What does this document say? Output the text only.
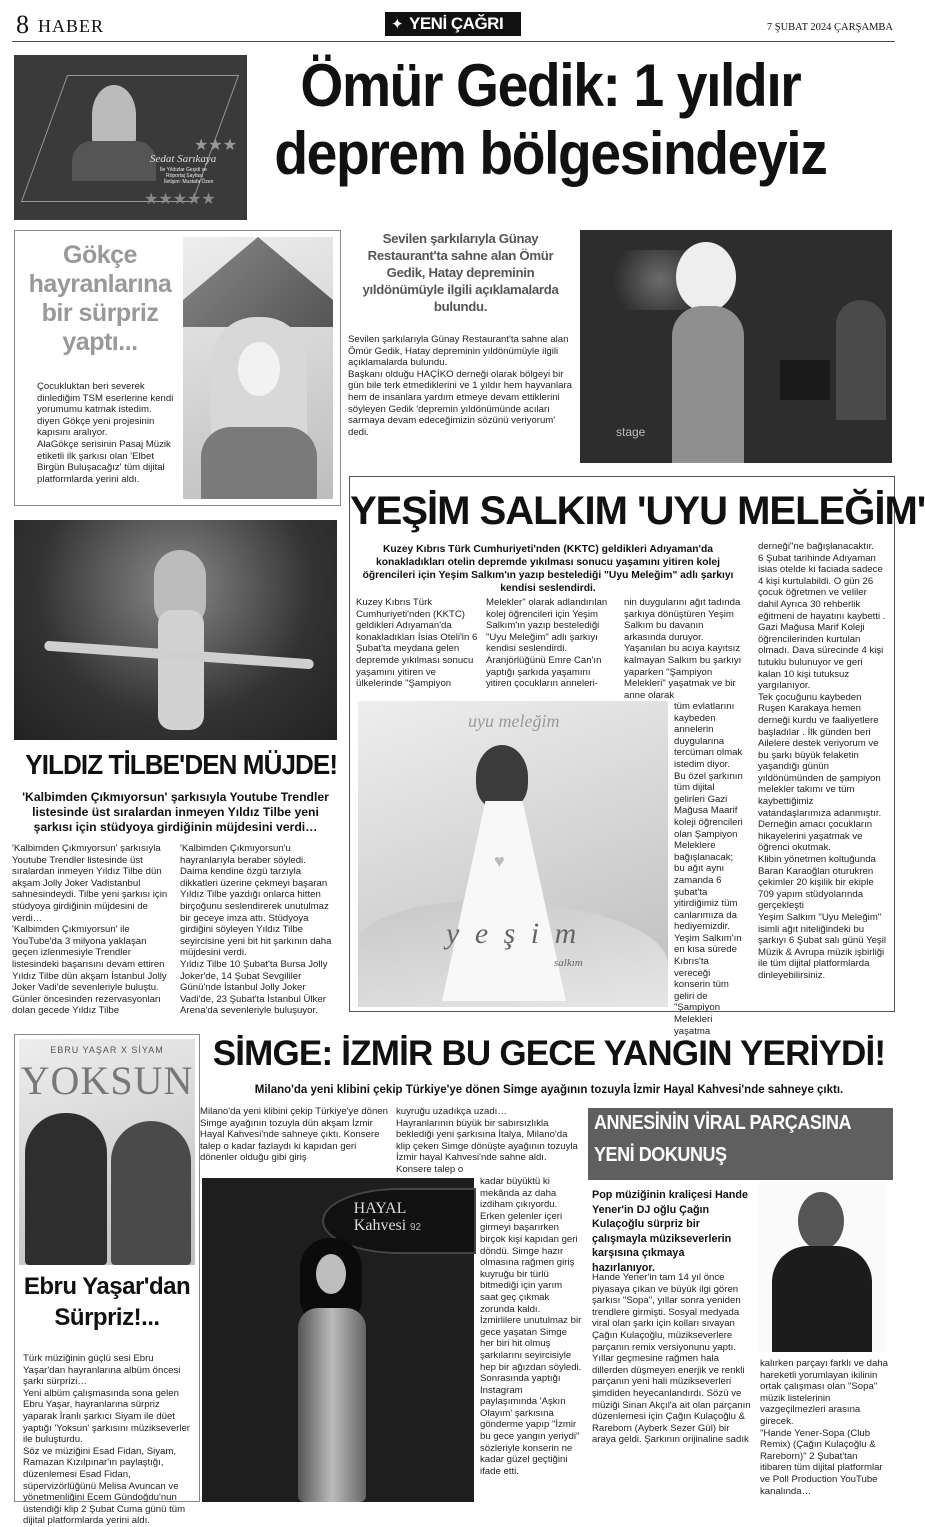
8 HABER	✦ YENİ ÇAĞRI	7 ŞUBAT 2024 ÇARŞAMBA
Sedat Sarıkaya
İle Yıldızlar Geçidi ve
Röportaj Sayfası
İletişim: Mustafa Özen
★★★
★★★★★
Ömür Gedik: 1 yıldır
deprem bölgesindeyiz
Gökçe hayranlarına bir sürpriz yaptı...
Çocukluktan beri severek dinlediğim TSM eserlerine kendi yorumumu katmak istedim. diyen Gökçe yeni projesinin kapısını aralıyor.
AlaGökçe serisinin Pasaj Müzik etiketli ilk şarkısı olan 'Elbet Birgün Buluşacağız' tüm dijital platformlarda yerini aldı.
Sevilen şarkılarıyla Günay Restaurant'ta sahne alan Ömür Gedik, Hatay depreminin yıldönümüyle ilgili açıklamalarda bulundu.
Sevilen şarkılarıyla Günay Restaurant'ta sahne alan Ömür Gedik, Hatay depreminin yıldönümüyle ilgili açıklamalarda bulundu.
Başkanı olduğu HAÇİKO derneği olarak bölgeyi bir gün bile terk etmediklerini ve 1 yıldır hem hayvanlara hem de insanlara yardım etmeye devam ettiklerini söyleyen Gedik 'depremin yıldönümünde acıları sarmaya devam edeceğimizin sözünü veriyorum' dedi.	stage
YILDIZ TİLBE'DEN MÜJDE!
'Kalbimden Çıkmıyorsun' şarkısıyla Youtube Trendler listesinde üst sıralardan inmeyen Yıldız Tilbe yeni şarkısı için stüdyoya girdiğinin müjdesini verdi…
'Kalbimden Çıkmıyorsun' şarkısıyla Youtube Trendler listesinde üst sıralardan inmeyen Yıldız Tilbe dün akşam Jolly Joker Vadistanbul sahnesindeydi. Tilbe yeni şarkısı için stüdyoya girdiğinin müjdesini de verdi…
'Kalbimden Çıkmıyorsun' ile YouTube'da 3 milyona yaklaşan geçen izlenmesiyle Trendler listesindeki başarısını devam ettiren Yıldız Tilbe dün akşam İstanbul Jolly Joker Vadi'de sevenleriyle buluştu. Günler öncesinden rezervasyonları dolan gecede Yıldız Tilbe
'Kalbimden Çıkmıyorsun'u hayranlarıyla beraber söyledi.
Daima kendine özgü tarzıyla dikkatleri üzerine çekmeyi başaran Yıldız Tilbe yazdığı onlarca hitten birçoğunu seslendirerek unutulmaz bir geceye imza attı. Stüdyoya girdiğini söyleyen Yıldız Tilbe seyircisine yeni bit hit şarkının daha müjdesini verdi.
Yıldız Tilbe 10 Şubat'ta Bursa Jolly Joker'de, 14 Şubat Sevgililer Günü'nde İstanbul Jolly Joker Vadi'de, 23 Şubat'ta İstanbul Ülker Arena'da sevenleriyle buluşuyor.
YEŞİM SALKIM 'UYU MELEĞİM'
Kuzey Kıbrıs Türk Cumhuriyeti'nden (KKTC) geldikleri Adıyaman'da konakladıkları otelin depremde yıkılması sonucu yaşamını yitiren kolej öğrencileri için Yeşim Salkım'ın yazıp bestelediği "Uyu Meleğim" adlı şarkıyı kendisi seslendirdi.
Kuzey Kıbrıs Türk Cumhuriyeti'nden (KKTC) geldikleri Adıyaman'da konakladıkları İsias Oteli'in 6 Şubat'ta meydana gelen depremde yıkılması sonucu yaşamını yitiren ve ülkelerinde "Şampiyon
Melekler" olarak adlandırılan kolej öğrencileri için Yeşim Salkım'ın yazıp bestelediği "Uyu Meleğim" adlı şarkıyı kendisi seslendirdi.
Aranjörlüğünü Emre Can'ın yaptığı şarkıda yaşamını yitiren çocukların anneleri-
nin duygularını ağıt tadında şarkıya dönüştüren Yeşim Salkım bu davanın arkasında duruyor.
Yaşanılan bu acıya kayıtsız kalmayan Salkım bu şarkıyı yaparken "Şampiyon Melekleri" yaşatmak ve bir anne olarak
tüm evlatlarını kaybeden annelerin duygularına tercüman olmak istedim diyor.
Bu özel şarkının tüm dijital gelirleri Gazi Mağusa Maarif koleji öğrencileri olan Şampiyon Meleklere bağışlanacak; bu ağıt aynı zamanda 6 şubat'ta yitirdiğimiz tüm canlarımıza da hediyemizdir. Yeşim Salkım'ın en kısa sürede Kıbrıs'ta vereceği konserin tüm geliri de "Şampiyon Melekleri yaşatma
derneği"ne bağışlanacaktır.
6 Şubat tarihinde Adıyaman isias otelde ki faciada sadece 4 kişi kurtulabildi. O gün 26 çocuk öğretmen ve veliler dahil Ayrıca 30 rehberlik eğitmeni de hayatını kaybetti . Gazi Mağusa Marif Koleji öğrencilerinden kurtulan olmadı. Dava sürecinde 4 kişi tutuklu bulunuyor ve geri kalan 10 kişi tutuksuz yargılanıyor.
Tek çocuğunu kaybeden Ruşen Karakaya hemen derneği kurdu ve faaliyetlere başladılar . İlk günden beri Ailelere destek veriyorum ve bu şarkı büyük felaketin yaşandığı günün yıldönümünden de şampiyon melekler takımı ve tüm kaybettiğimiz vatandaşlarımıza adanmıştır. Derneğin amacı çocukların hikayelerini yaşatmak ve öğrenci okutmak.
Klibin yönetmen koltuğunda Baran Karaoğlan oturukren çekimler 20 kişilik bir ekiple 709 yapım stüdyolarında gerçekleşti
Yeşim Salkım "Uyu Meleğim" isimli ağıt niteliğindeki bu şarkıyı 6 Şubat salı günü Yeşil Müzik & Avrupa müzik işbirliği ile tüm dijital platformlarda dinleyebilirsiniz.
uyu meleğim
♥
y e ş i m
salkım
EBRU YAŞAR X SİYAM
YOKSUN
Ebru Yaşar'dan Sürpriz!...
Türk müziğinin güçlü sesi Ebru Yaşar'dan hayranlarına albüm öncesi şarkı sürprizi…
Yeni albüm çalışmasında sona gelen Ebru Yaşar, hayranlarına sürpriz yaparak İranlı şarkıcı Siyam ile düet yaptığı 'Yoksun' şarkısını müzikseverler ile buluşturdu.
Söz ve müziğini Esad Fidan, Siyam, Ramazan Kızılpınar'ın paylaştığı, düzenlemesi Esad Fidan, süpervizörlüğünü Melisa Avuncan ve yönetmenliğini Ecem Gündoğdu'nun üstendiği klip 2 Şubat Cuma günü tüm dijital platformlarda yerini aldı.
SİMGE: İZMİR BU GECE YANGIN YERİYDİ!
Milano'da yeni klibini çekip Türkiye'ye dönen Simge ayağının tozuyla İzmir Hayal Kahvesi'nde sahneye çıktı.
Milano'da yeni klibini çekip Türkiye'ye dönen Simge ayağının tozuyla dün akşam İzmir Hayal Kahvesi'nde sahneye çıktı. Konsere talep o kadar fazlaydı ki kapıdan geri dönenler olduğu gibi giriş
kuyruğu uzadıkça uzadı…
Hayranlarının büyük bir sabırsızlıkla beklediği yeni şarkısına İtalya, Milano'da klip çeken Simge dönüşte ayağının tozuyla İzmir hayal Kahvesi'nde sahne aldı. Konsere talep o
kadar büyüktü ki mekânda az daha izdiham çıkıyordu. Erken gelenler içeri girmeyi başarırken birçok kişi kapıdan geri döndü. Simge hazır olmasına rağmen giriş kuyruğu bir türlü bitmediği için yarım saat geç çıkmak zorunda kaldı.
İzmirlilere unutulmaz bir gece yaşatan Simge her biri hit olmuş şarkılarını seyircisiyle hep bir ağızdan söyledi. Sonrasında yaptığı Instagram paylaşımında 'Aşkın Olayım' şarkısına gönderme yapıp "İzmir bu gece yangın yeriydi" sözleriyle konserin ne kadar güzel geçtiğini ifade etti.
HAYAL Kahvesi 92
ANNESİNİN VİRAL PARÇASINA
YENİ DOKUNUŞ
Pop müziğinin kraliçesi Hande Yener'in DJ oğlu Çağın Kulaçoğlu sürpriz bir çalışmayla müzikseverlerin karşısına çıkmaya hazırlanıyor.
Hande Yener'in tam 14 yıl önce piyasaya çıkan ve büyük ilgi gören şarkısı "Sopa", yıllar sonra yeniden trendlere girmişti. Sosyal medyada viral olan şarkı için kolları sıvayan Çağın Kulaçoğlu, müzikseverlere parçanın remix versiyonunu yaptı. Yıllar geçmesine rağmen hala dillerden düşmeyen enerjik ve renkli parçanın yeni hali müzikseverleri şimdiden heyecanlandırdı. Sözü ve müziği Sinan Akçıl'a ait olan parçanın düzenlemesi için Çağın Kulaçoğlu & Rareborn (Ayberk Sezer Gül) bir araya geldi. Şarkının orijinaline sadık
kalırken parçayı farklı ve daha hareketli yorumlayan ikilinin ortak çalışması olan "Sopa" müzik listelerinin vazgeçilmezleri arasına girecek.
"Hande Yener-Sopa (Club Remix) (Çağın Kulaçoğlu & Rareborn)" 2 Şubat'tan itibaren tüm dijital platformlar ve Poll Production YouTube kanalında…
